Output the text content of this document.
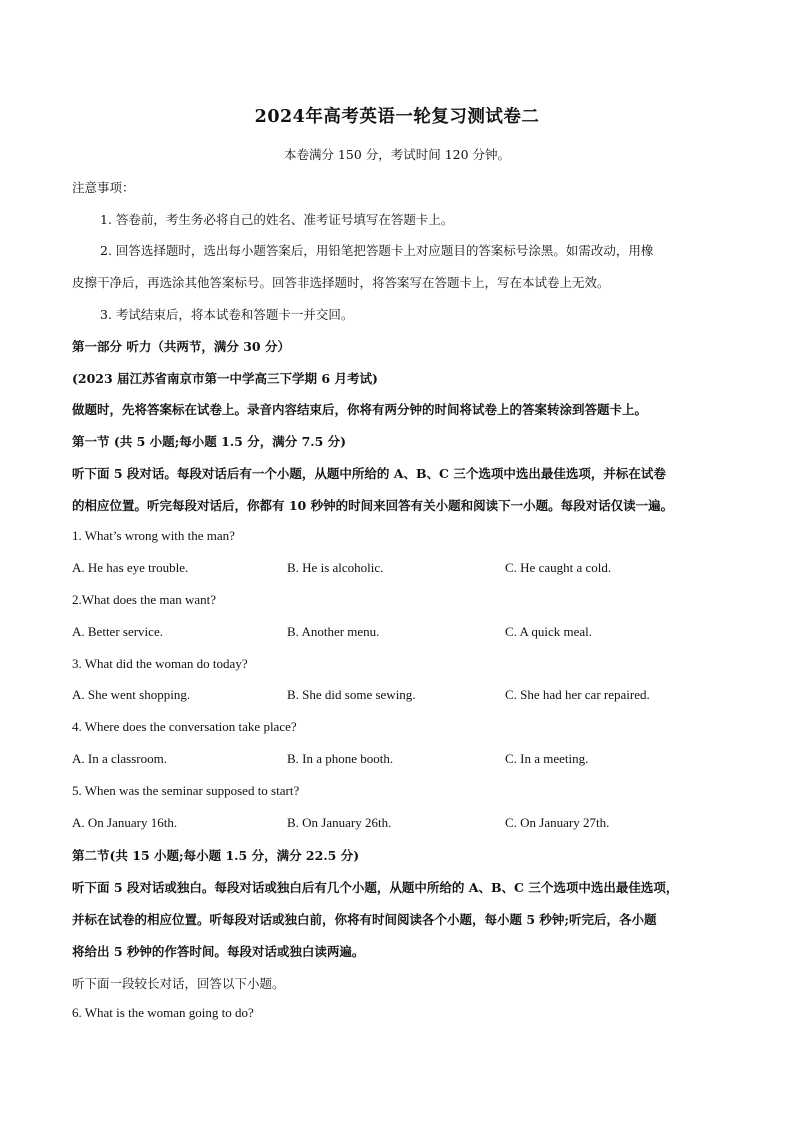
2024年高考英语一轮复习测试卷二
本卷满分 150 分，考试时间 120 分钟。
注意事项：
1. 答卷前，考生务必将自己的姓名、准考证号填写在答题卡上。
2. 回答选择题时，选出每小题答案后，用铅笔把答题卡上对应题目的答案标号涂黑。如需改动，用橡
皮擦干净后，再选涂其他答案标号。回答非选择题时，将答案写在答题卡上，写在本试卷上无效。
3. 考试结束后，将本试卷和答题卡一并交回。
第一部分 听力（共两节，满分 30 分）
(2023 届江苏省南京市第一中学高三下学期 6 月考试)
做题时，先将答案标在试卷上。录音内容结束后，你将有两分钟的时间将试卷上的答案转涂到答题卡上。
第一节 (共 5 小题;每小题 1.5 分，满分 7.5 分)
听下面 5 段对话。每段对话后有一个小题，从题中所给的 A、B、C 三个选项中选出最佳选项，并标在试卷
的相应位置。听完每段对话后，你都有 10 秒钟的时间来回答有关小题和阅读下一小题。每段对话仅读一遍。
1. What’s wrong with the man?
A. He has eye trouble.	B. He is alcoholic.	C. He caught a cold.
2.What does the man want?
A. Better service.	B. Another menu.	C. A quick meal.
3. What did the woman do today?
A. She went shopping.	B. She did some sewing.	C. She had her car repaired.
4. Where does the conversation take place?
A. In a classroom.	B. In a phone booth.	C. In a meeting.
5. When was the seminar supposed to start?
A. On January 16th.	B. On January 26th.	C. On January 27th.
第二节(共 15 小题;每小题 1.5 分，满分 22.5 分)
听下面 5 段对话或独白。每段对话或独白后有几个小题，从题中所给的 A、B、C 三个选项中选出最佳选项，
并标在试卷的相应位置。听每段对话或独白前，你将有时间阅读各个小题，每小题 5 秒钟;听完后，各小题
将给出 5 秒钟的作答时间。每段对话或独白读两遍。
听下面一段较长对话，回答以下小题。
6. What is the woman going to do?
